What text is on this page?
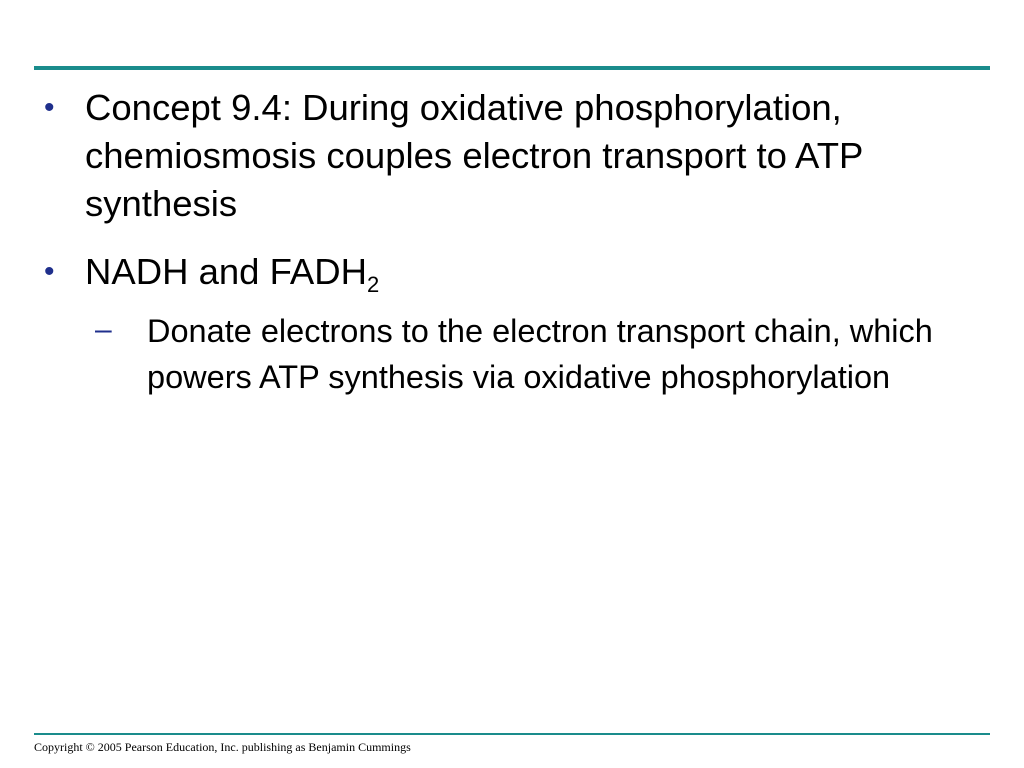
• Concept 9.4: During oxidative phosphorylation, chemiosmosis couples electron transport to ATP synthesis
• NADH and $FADH_2$
– Donate electrons to the electron transport chain, which powers ATP synthesis via oxidative phosphorylation
Copyright © 2005 Pearson Education, Inc. publishing as Benjamin Cummings
